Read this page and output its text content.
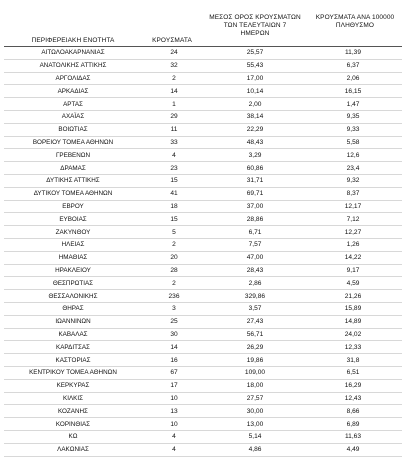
ΠΕΡΙΦΕΡΕΙΑΚΗ ΕΝΟΤΗΤΑ	ΚΡΟΥΣΜΑΤΑ
ΜΕΣΟΣ ΟΡΟΣ ΚΡΟΥΣΜΑΤΩΝ
ΤΩΝ ΤΕΛΕΥΤΑΙΩΝ 7
ΗΜΕΡΩΝ
ΚΡΟΥΣΜΑΤΑ ΑΝΑ 100000
ΠΛΗΘΥΣΜΟ
ΑΙΤΩΛΟΑΚΑΡΝΑΝΙΑΣ	24	25,57	11,39
ΑΝΑΤΟΛΙΚΗΣ ΑΤΤΙΚΗΣ	32	55,43	6,37
ΑΡΓΟΛΙΔΑΣ	2	17,00	2,06
ΑΡΚΑΔΙΑΣ	14	10,14	16,15
ΑΡΤΑΣ	1	2,00	1,47
ΑΧΑΪΑΣ	29	38,14	9,35
ΒΟΙΩΤΙΑΣ	11	22,29	9,33
ΒΟΡΕΙΟΥ ΤΟΜΕΑ ΑΘΗΝΩΝ	33	48,43	5,58
ΓΡΕΒΕΝΩΝ	4	3,29	12,6
ΔΡΑΜΑΣ	23	60,86	23,4
ΔΥΤΙΚΗΣ ΑΤΤΙΚΗΣ	15	31,71	9,32
ΔΥΤΙΚΟΥ ΤΟΜΕΑ ΑΘΗΝΩΝ	41	69,71	8,37
ΕΒΡΟΥ	18	37,00	12,17
ΕΥΒΟΙΑΣ	15	28,86	7,12
ΖΑΚΥΝΘΟΥ	5	6,71	12,27
ΗΛΕΙΑΣ	2	7,57	1,26
ΗΜΑΘΙΑΣ	20	47,00	14,22
ΗΡΑΚΛΕΙΟΥ	28	28,43	9,17
ΘΕΣΠΡΩΤΙΑΣ	2	2,86	4,59
ΘΕΣΣΑΛΟΝΙΚΗΣ	236	329,86	21,26
ΘΗΡΑΣ	3	3,57	15,89
ΙΩΑΝΝΙΝΩΝ	25	27,43	14,89
ΚΑΒΑΛΑΣ	30	56,71	24,02
ΚΑΡΔΙΤΣΑΣ	14	26,29	12,33
ΚΑΣΤΟΡΙΑΣ	16	19,86	31,8
ΚΕΝΤΡΙΚΟΥ ΤΟΜΕΑ ΑΘΗΝΩΝ	67	109,00	6,51
ΚΕΡΚΥΡΑΣ	17	18,00	16,29
ΚΙΛΚΙΣ	10	27,57	12,43
ΚΟΖΑΝΗΣ	13	30,00	8,66
ΚΟΡΙΝΘΙΑΣ	10	13,00	6,89
ΚΩ	4	5,14	11,63
ΛΑΚΩΝΙΑΣ	4	4,86	4,49
